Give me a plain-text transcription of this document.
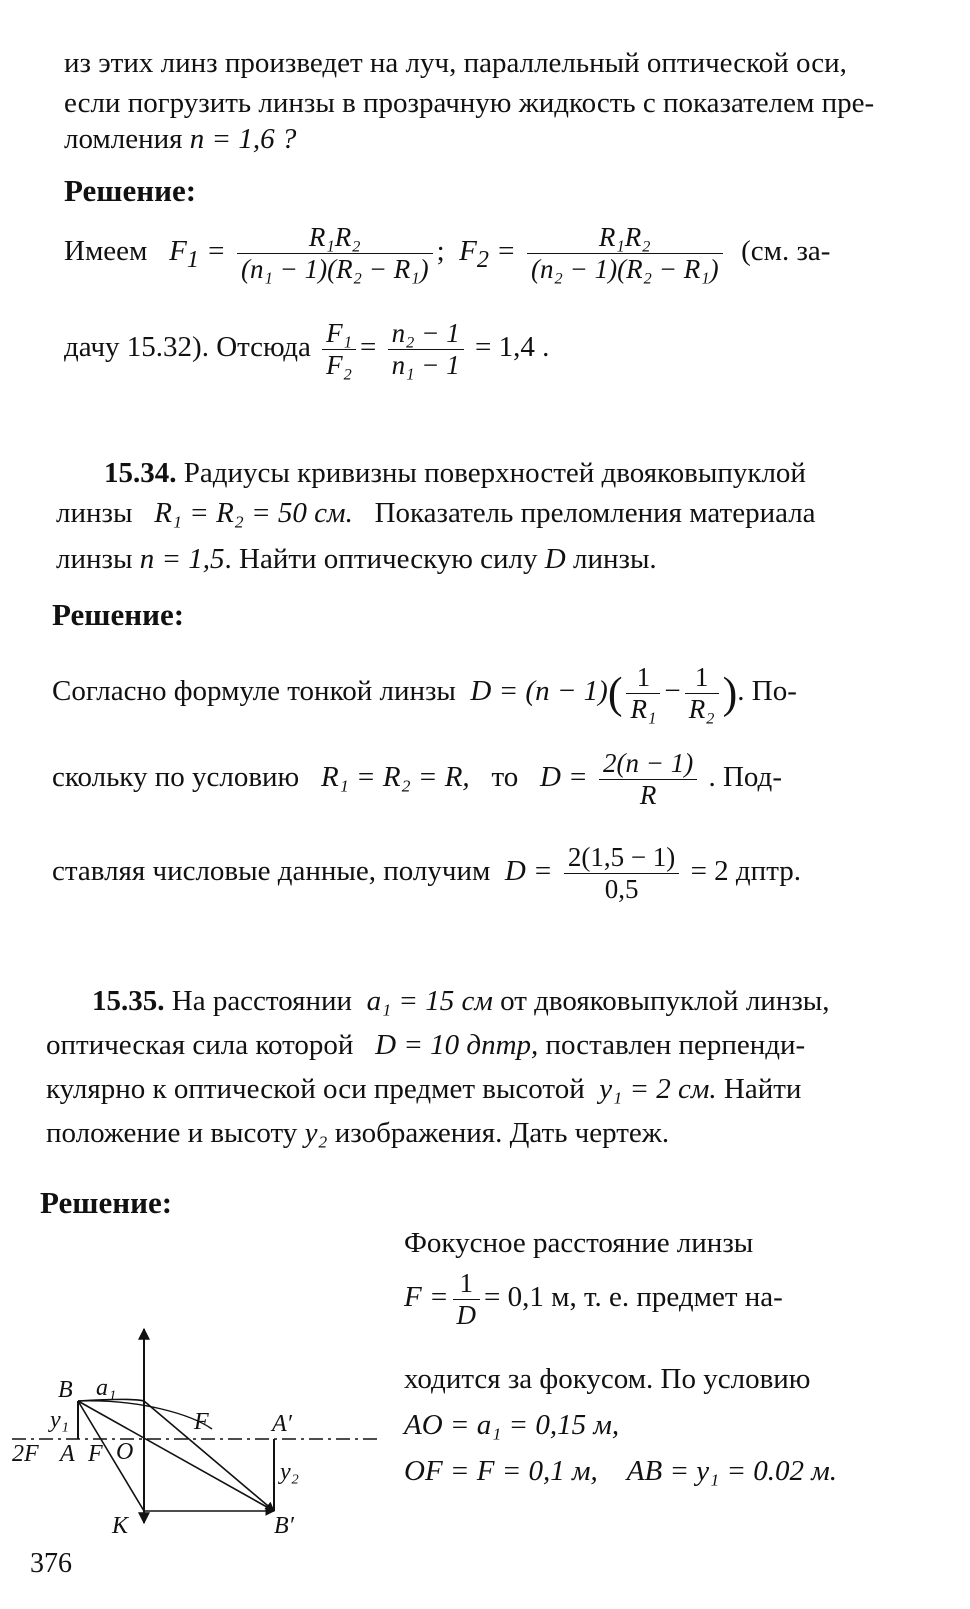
из этих линз произведет на луч, параллельный оптической оси,
если погрузить линзы в прозрачную жидкость с показателем пре-
ломления n = 1,6 ?
Решение:
Имеем $F_1 = \frac{\text{R₁R₂}}{\text{(n₁ − 1)(R₂ − R₁)}}$ ;  $F_2 = \frac{\text{R₁R₂}}{\text{(n₂ − 1)(R₂ − R₁)}} (см$. за-
дачу 15.32). Отсюда $\frac{\text{F₁}}{\text{F₂}} = \frac{\text{n₂ − 1}}{\text{n₁ − 1}} = 1,4$ .
15.34. Радиусы кривизны поверхностей двояковыпуклой
линзы R₁ = R₂ = 50 см. Показатель преломления материала
линзы n = 1,5. Найти оптическую силу D линзы.
Решение:
Согласно формуле тонкой линзы $D = (n - 1)( \frac{1}{\text{R₁}} - \frac{1}{\text{R₂}}$ ). По-
скольку по условию R₁ = R₂ = R, то $D = \frac{2(n - 1)}{R}$ . Под-
ставляя числовые данные, получим $D = \frac{2(1,5 - 1)}{0,5} = 2$ дптр.
15.35. На расстоянии a₁ = 15 см от двояковыпуклой линзы,
оптическая сила которой D = 10 дптр, поставлен перпенди-
кулярно к оптической оси предмет высотой y₁ = 2 см. Найти
положение и высоту y₂ изображения. Дать чертеж.
Решение:
Фокусное расстояние линзы
$F = \frac{1}{D} = 0,1$ м, т. е. предмет на-
ходится за фокусом. По условию
AO = a₁ = 0,15 м,
OF = F = 0,1 м, AB = y₁ = 0.02 м.
B a₁
y₁
2F A F O
F	A′
y₂
K	B′
376
